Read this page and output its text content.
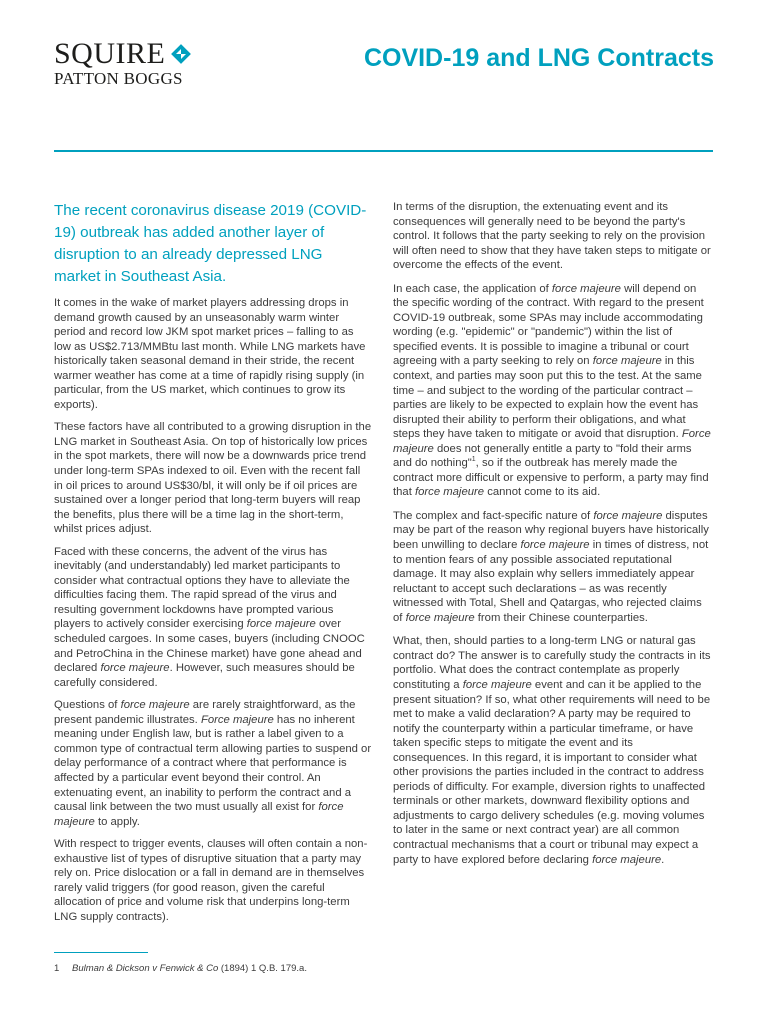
SQUIRE
PATTON BOGGS
COVID-19 and LNG Contracts

The recent coronavirus disease 2019 (COVID-19) outbreak has added another layer of disruption to an already depressed LNG market in Southeast Asia.

It comes in the wake of market players addressing drops in demand growth caused by an unseasonably warm winter period and record low JKM spot market prices – falling to as low as US$2.713/MMBtu last month. While LNG markets have historically taken seasonal demand in their stride, the recent warmer weather has come at a time of rapidly rising supply (in particular, from the US market, which continues to grow its exports).

These factors have all contributed to a growing disruption in the LNG market in Southeast Asia. On top of historically low prices in the spot markets, there will now be a downwards price trend under long-term SPAs indexed to oil. Even with the recent fall in oil prices to around US$30/bl, it will only be if oil prices are sustained over a longer period that long-term buyers will reap the benefits, plus there will be a time lag in the short-term, whilst prices adjust.

Faced with these concerns, the advent of the virus has inevitably (and understandably) led market participants to consider what contractual options they have to alleviate the difficulties facing them. The rapid spread of the virus and resulting government lockdowns have prompted various players to actively consider exercising force majeure over scheduled cargoes. In some cases, buyers (including CNOOC and PetroChina in the Chinese market) have gone ahead and declared force majeure. However, such measures should be carefully considered.

Questions of force majeure are rarely straightforward, as the present pandemic illustrates. Force majeure has no inherent meaning under English law, but is rather a label given to a common type of contractual term allowing parties to suspend or delay performance of a contract where that performance is affected by a particular event beyond their control. An extenuating event, an inability to perform the contract and a causal link between the two must usually all exist for force majeure to apply.

With respect to trigger events, clauses will often contain a non-exhaustive list of types of disruptive situation that a party may rely on. Price dislocation or a fall in demand are in themselves rarely valid triggers (for good reason, given the careful allocation of price and volume risk that underpins long-term LNG supply contracts).

In terms of the disruption, the extenuating event and its consequences will generally need to be beyond the party's control. It follows that the party seeking to rely on the provision will often need to show that they have taken steps to mitigate or overcome the effects of the event.

In each case, the application of force majeure will depend on the specific wording of the contract. With regard to the present COVID-19 outbreak, some SPAs may include accommodating wording (e.g. "epidemic" or "pandemic") within the list of specified events. It is possible to imagine a tribunal or court agreeing with a party seeking to rely on force majeure in this context, and parties may soon put this to the test. At the same time – and subject to the wording of the particular contract – parties are likely to be expected to explain how the event has disrupted their ability to perform their obligations, and what steps they have taken to mitigate or avoid that disruption. Force majeure does not generally entitle a party to "fold their arms and do nothing"$^1$, so if the outbreak has merely made the contract more difficult or expensive to perform, a party may find that force majeure cannot come to its aid.

The complex and fact-specific nature of force majeure disputes may be part of the reason why regional buyers have historically been unwilling to declare force majeure in times of distress, not to mention fears of any possible associated reputational damage. It may also explain why sellers immediately appear reluctant to accept such declarations – as was recently witnessed with Total, Shell and Qatargas, who rejected claims of force majeure from their Chinese counterparties.

What, then, should parties to a long-term LNG or natural gas contract do? The answer is to carefully study the contracts in its portfolio. What does the contract contemplate as properly constituting a force majeure event and can it be applied to the present situation? If so, what other requirements will need to be met to make a valid declaration? A party may be required to notify the counterparty within a particular timeframe, or have taken specific steps to mitigate the event and its consequences. In this regard, it is important to consider what other provisions the parties included in the contract to address periods of difficulty. For example, diversion rights to unaffected terminals or other markets, downward flexibility options and adjustments to cargo delivery schedules (e.g. moving volumes to later in the same or next contract year) are all common contractual mechanisms that a court or tribunal may expect a party to have explored before declaring force majeure.

1 Bulman & Dickson v Fenwick & Co (1894) 1 Q.B. 179.a.
